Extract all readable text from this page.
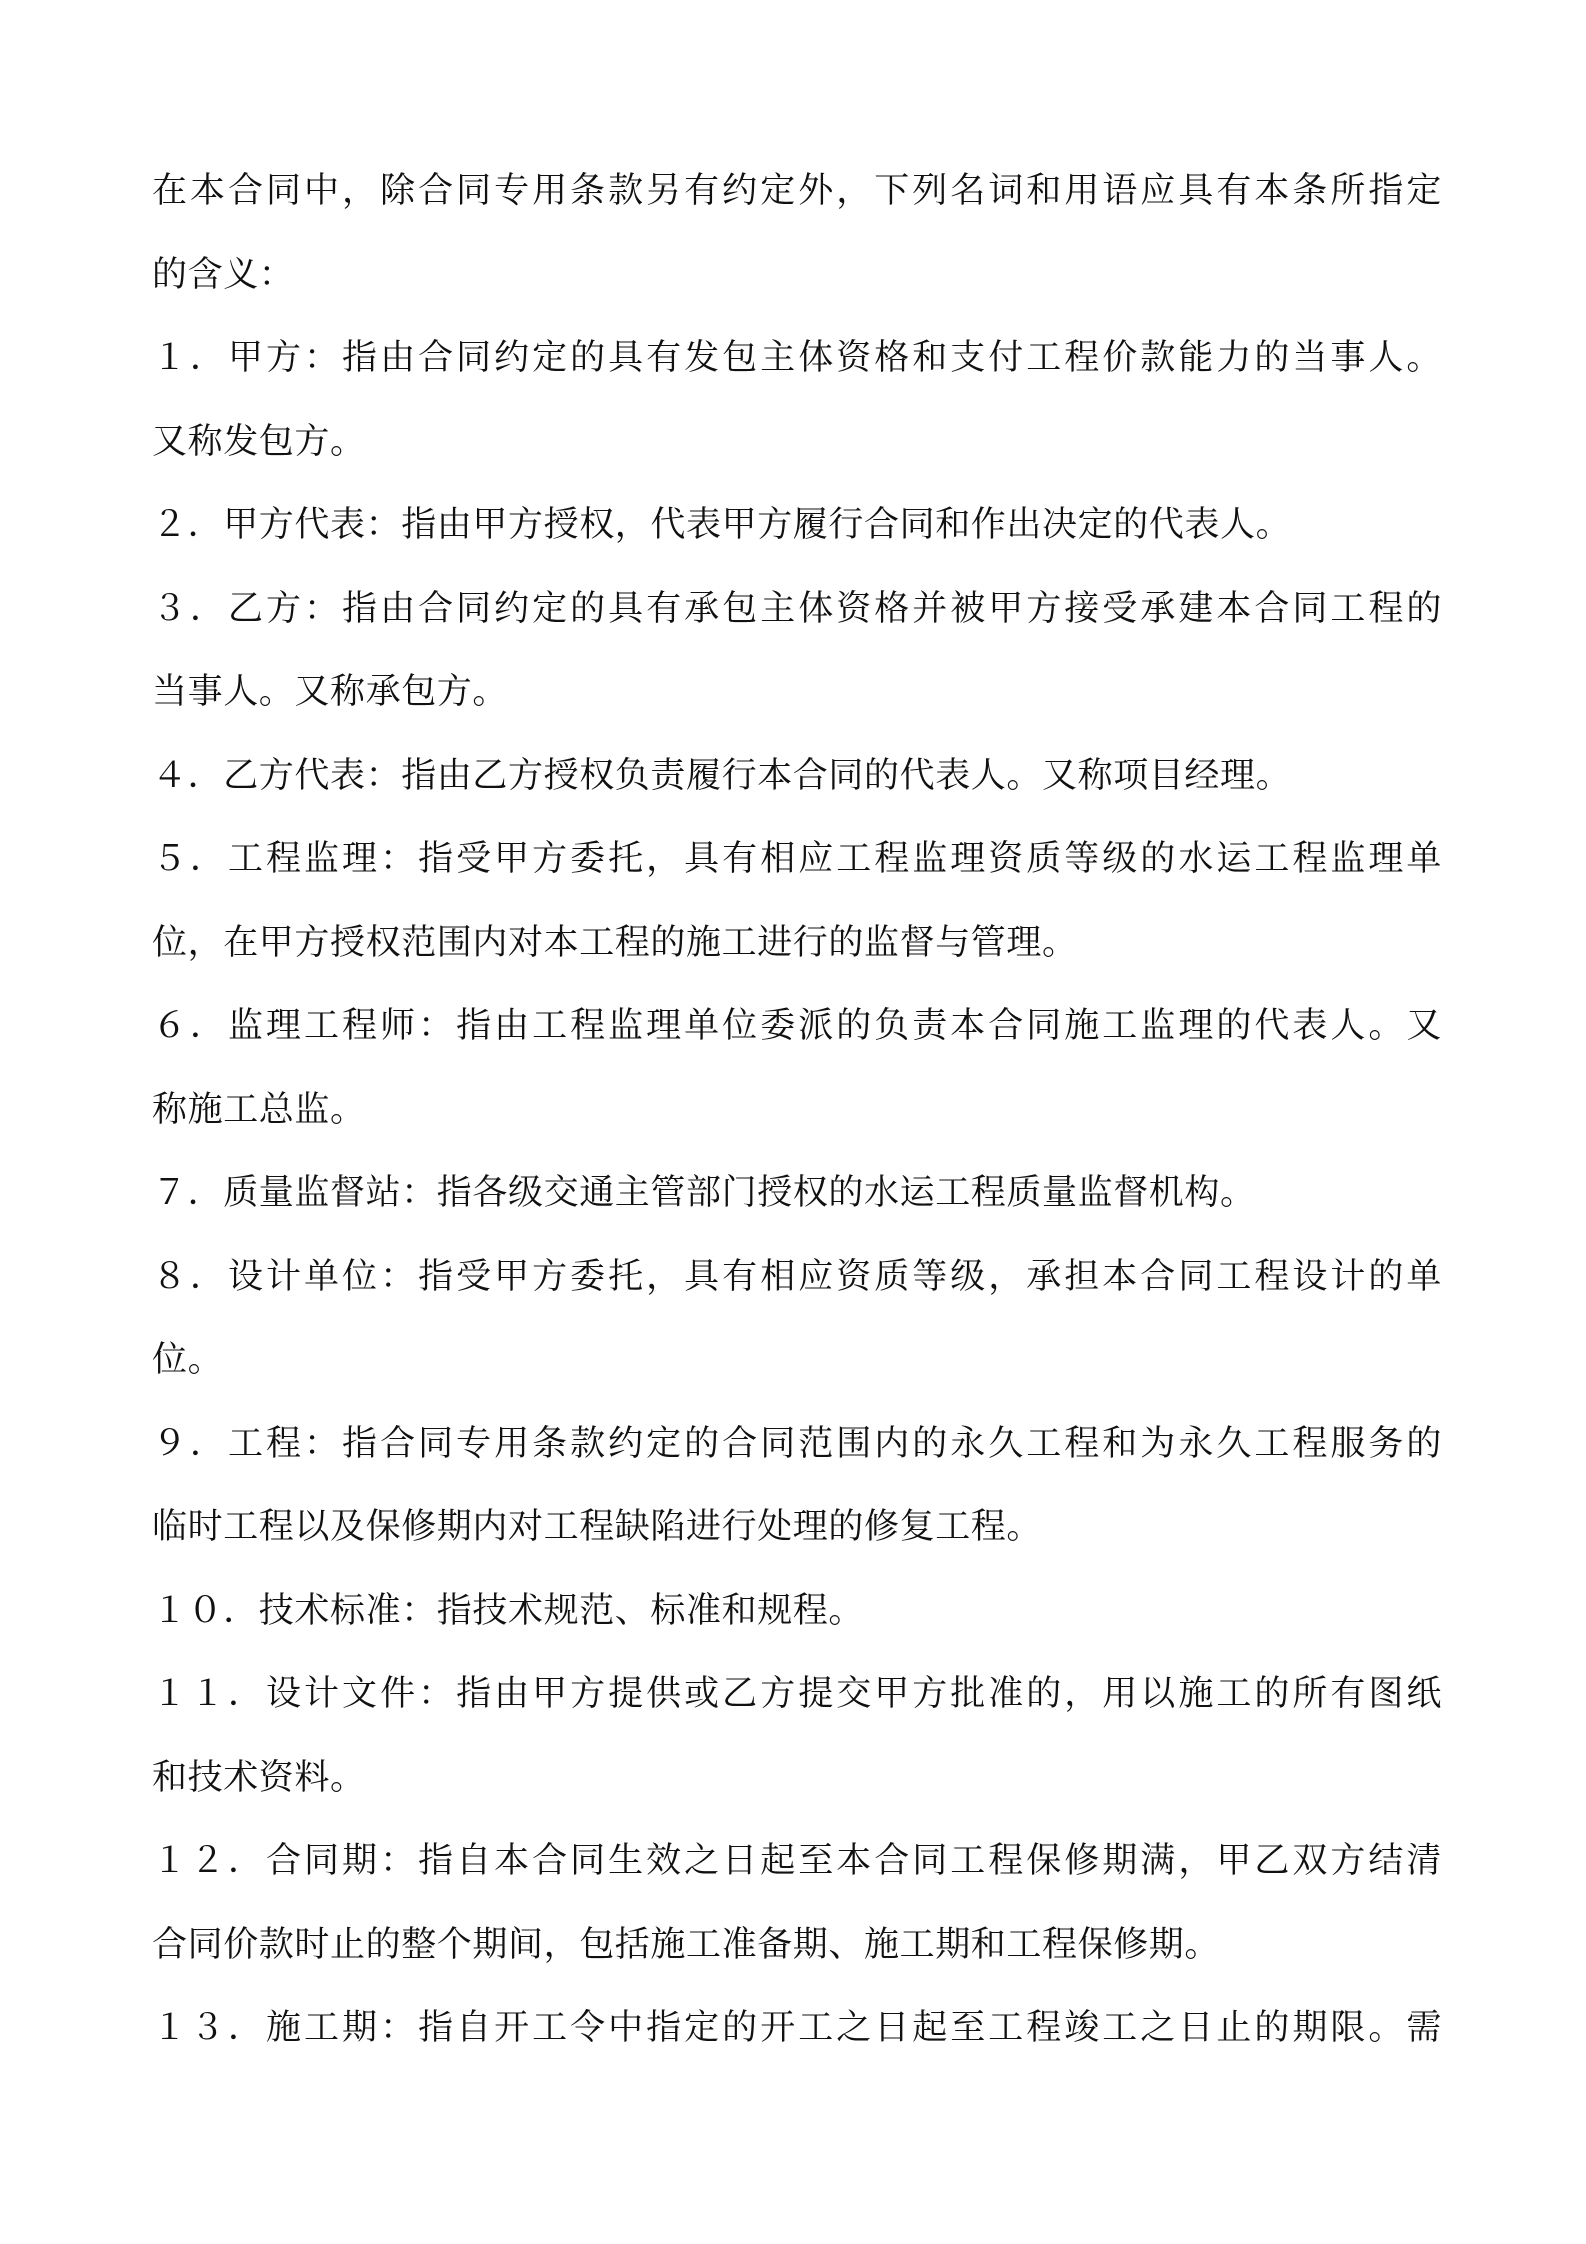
在本合同中，除合同专用条款另有约定外，下列名词和用语应具有本条所指定
的含义：
１．甲方：指由合同约定的具有发包主体资格和支付工程价款能力的当事人。
又称发包方。
２．甲方代表：指由甲方授权，代表甲方履行合同和作出决定的代表人。
３．乙方：指由合同约定的具有承包主体资格并被甲方接受承建本合同工程的
当事人。又称承包方。
４．乙方代表：指由乙方授权负责履行本合同的代表人。又称项目经理。
５．工程监理：指受甲方委托，具有相应工程监理资质等级的水运工程监理单
位，在甲方授权范围内对本工程的施工进行的监督与管理。
６．监理工程师：指由工程监理单位委派的负责本合同施工监理的代表人。又
称施工总监。
７．质量监督站：指各级交通主管部门授权的水运工程质量监督机构。
８．设计单位：指受甲方委托，具有相应资质等级，承担本合同工程设计的单
位。
９．工程：指合同专用条款约定的合同范围内的永久工程和为永久工程服务的
临时工程以及保修期内对工程缺陷进行处理的修复工程。
１０．技术标准：指技术规范、标准和规程。
１１．设计文件：指由甲方提供或乙方提交甲方批准的，用以施工的所有图纸
和技术资料。
１２．合同期：指自本合同生效之日起至本合同工程保修期满，甲乙双方结清
合同价款时止的整个期间，包括施工准备期、施工期和工程保修期。
１３．施工期：指自开工令中指定的开工之日起至工程竣工之日止的期限。需
